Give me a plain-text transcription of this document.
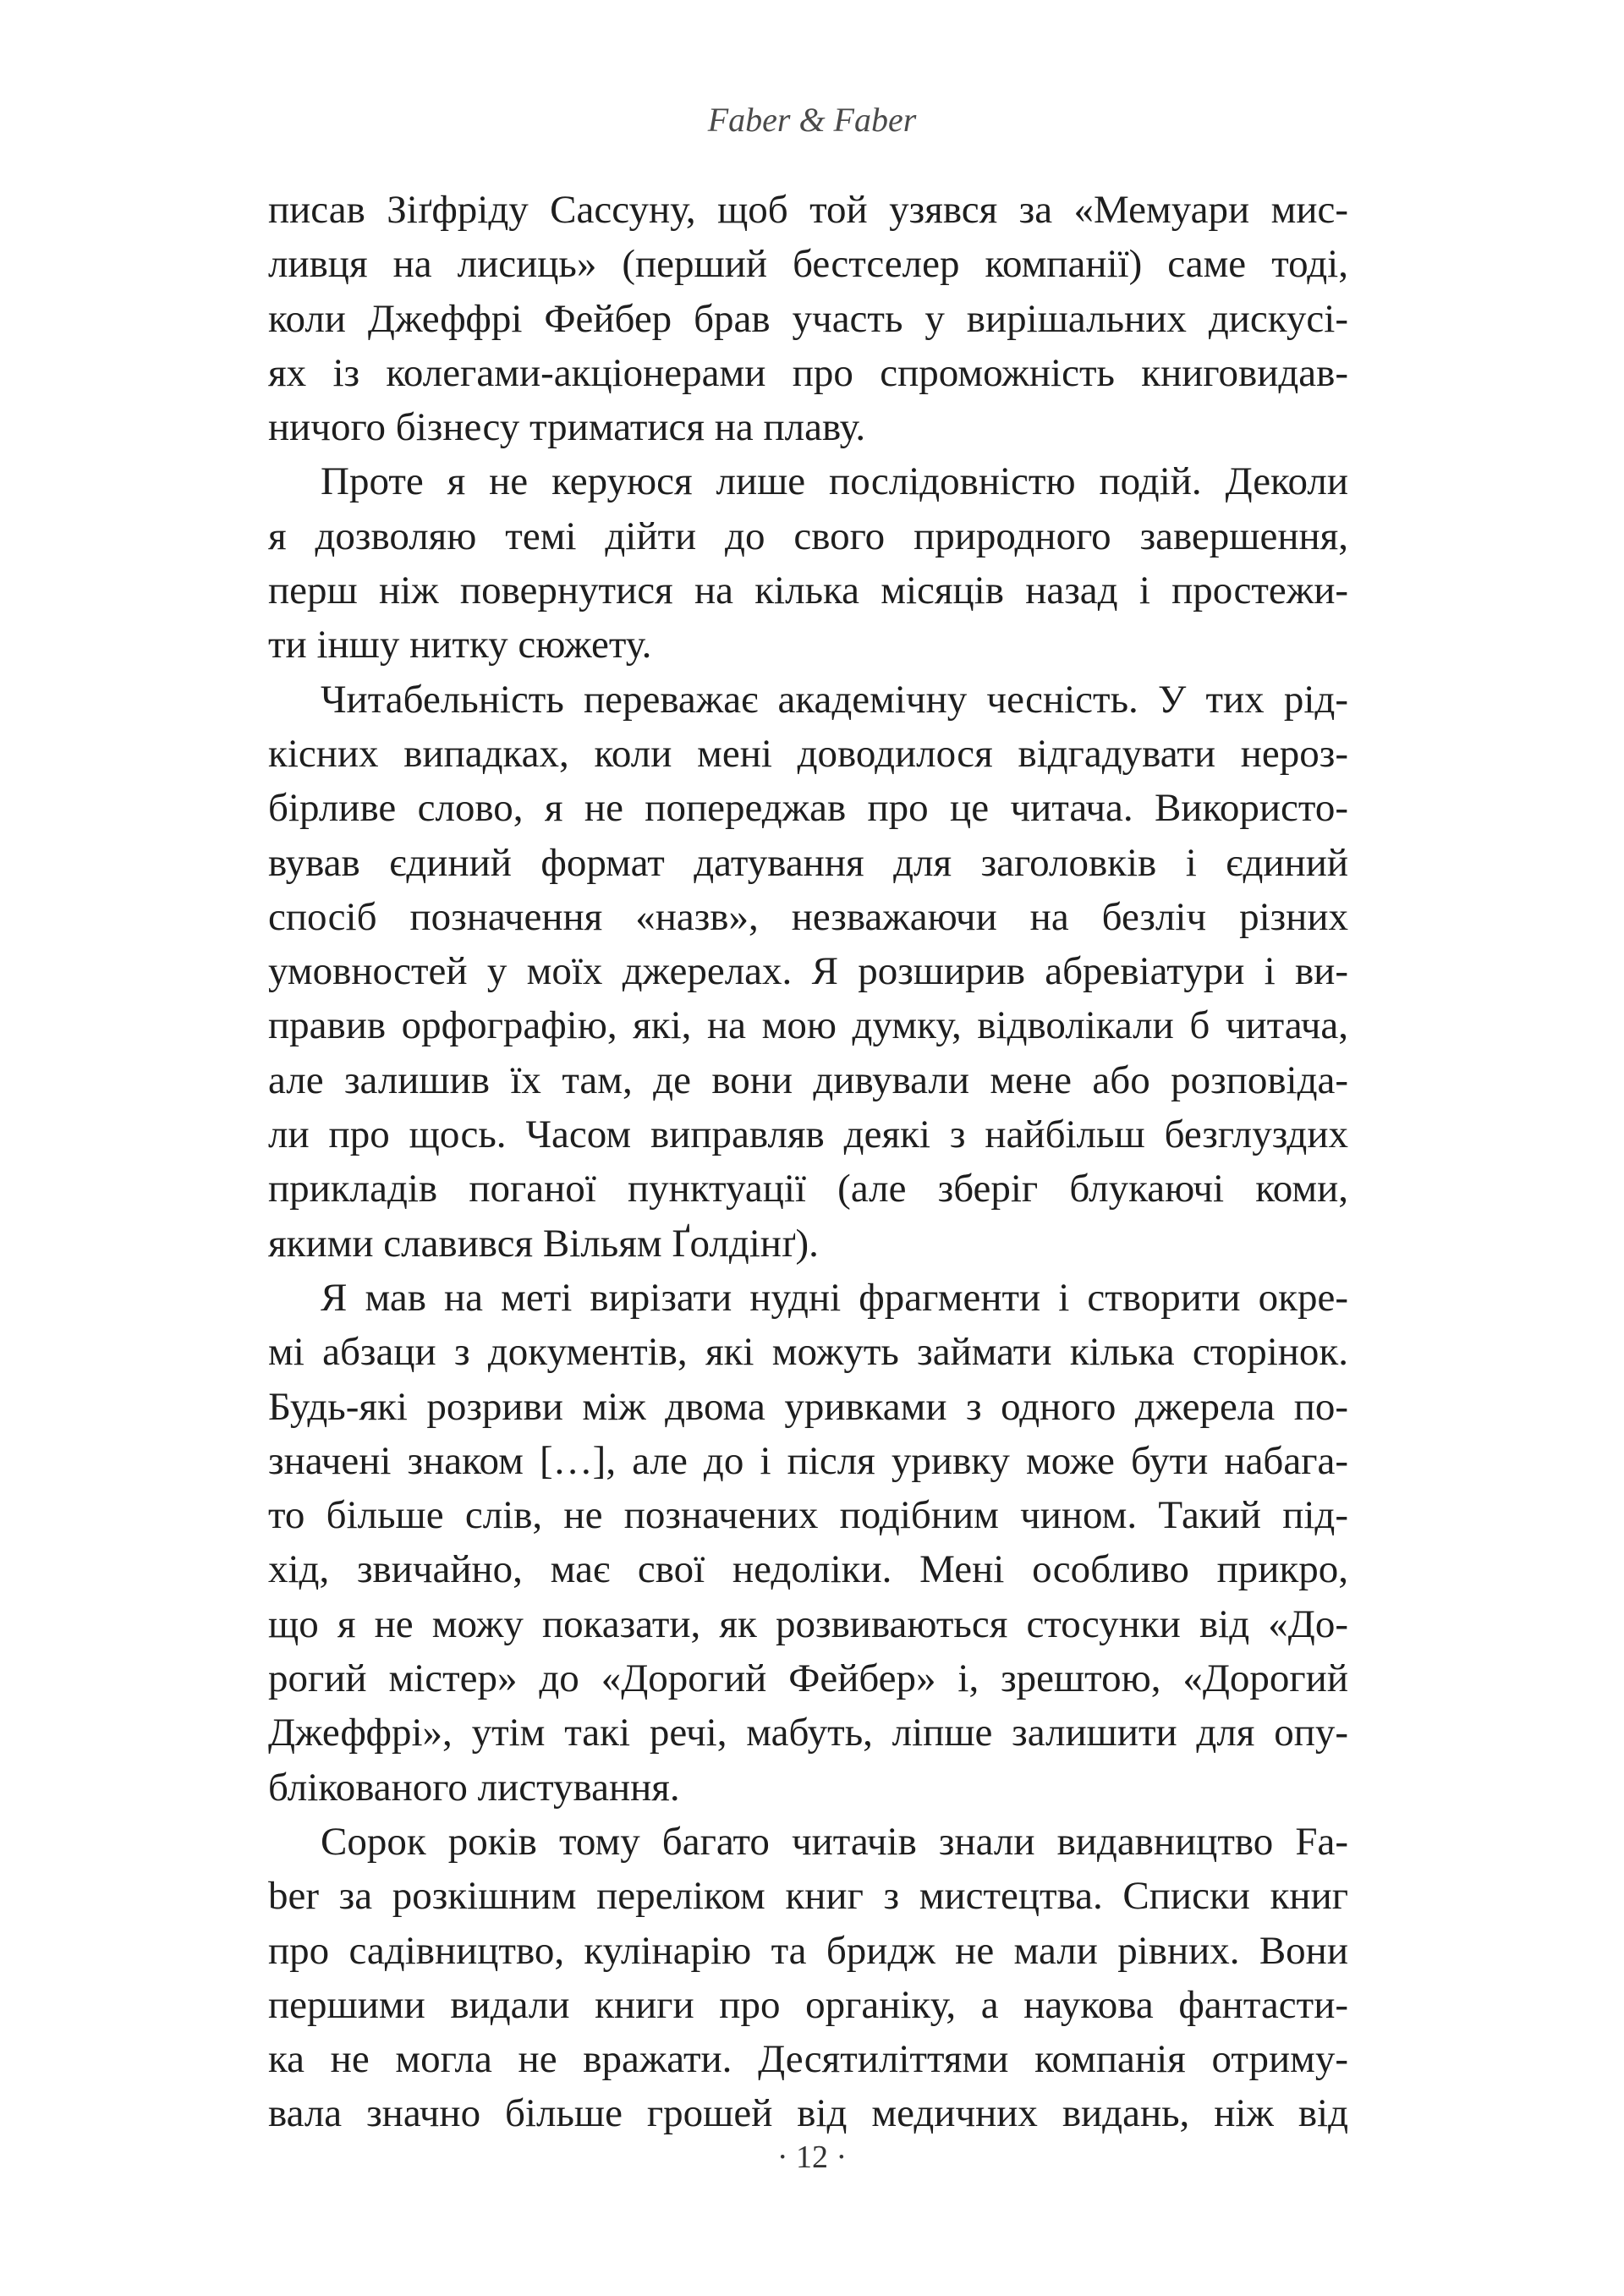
Faber & Faber
писав Зіґфріду Сассуну, щоб той узявся за «Мемуари мис-
ливця на лисиць» (перший бестселер компанії) саме тоді,
коли Джеффрі Фейбер брав участь у вирішальних дискусі-
ях із колегами-акціонерами про спроможність книговидав-
ничого бізнесу триматися на плаву.
Проте я не керуюся лише послідовністю подій. Деколи
я дозволяю темі дійти до свого природного завершення,
перш ніж повернутися на кілька місяців назад і простежи-
ти іншу нитку сюжету.
Читабельність переважає академічну чесність. У тих рід-
кісних випадках, коли мені доводилося відгадувати нероз-
бірливе слово, я не попереджав про це читача. Використо-
вував єдиний формат датування для заголовків і єдиний
спосіб позначення «назв», незважаючи на безліч різних
умовностей у моїх джерелах. Я розширив абревіатури і ви-
правив орфографію, які, на мою думку, відволікали б читача,
але залишив їх там, де вони дивували мене або розповіда-
ли про щось. Часом виправляв деякі з найбільш безглуздих
прикладів поганої пунктуації (але зберіг блукаючі коми,
якими славився Вільям Ґолдінґ).
Я мав на меті вирізати нудні фрагменти і створити окре-
мі абзаци з документів, які можуть займати кілька сторінок.
Будь-які розриви між двома уривками з одного джерела по-
значені знаком […], але до і після уривку може бути набага-
то більше слів, не позначених подібним чином. Такий під-
хід, звичайно, має свої недоліки. Мені особливо прикро,
що я не можу показати, як розвиваються стосунки від «До-
рогий містер» до «Дорогий Фейбер» і, зрештою, «Дорогий
Джеффрі», утім такі речі, мабуть, ліпше залишити для опу-
блікованого листування.
Сорок років тому багато читачів знали видавництво Fa-
ber за розкішним переліком книг з мистецтва. Списки книг
про садівництво, кулінарію та бридж не мали рівних. Вони
першими видали книги про органіку, а наукова фантасти-
ка не могла не вражати. Десятиліттями компанія отриму-
вала значно більше грошей від медичних видань, ніж від
· 12 ·
